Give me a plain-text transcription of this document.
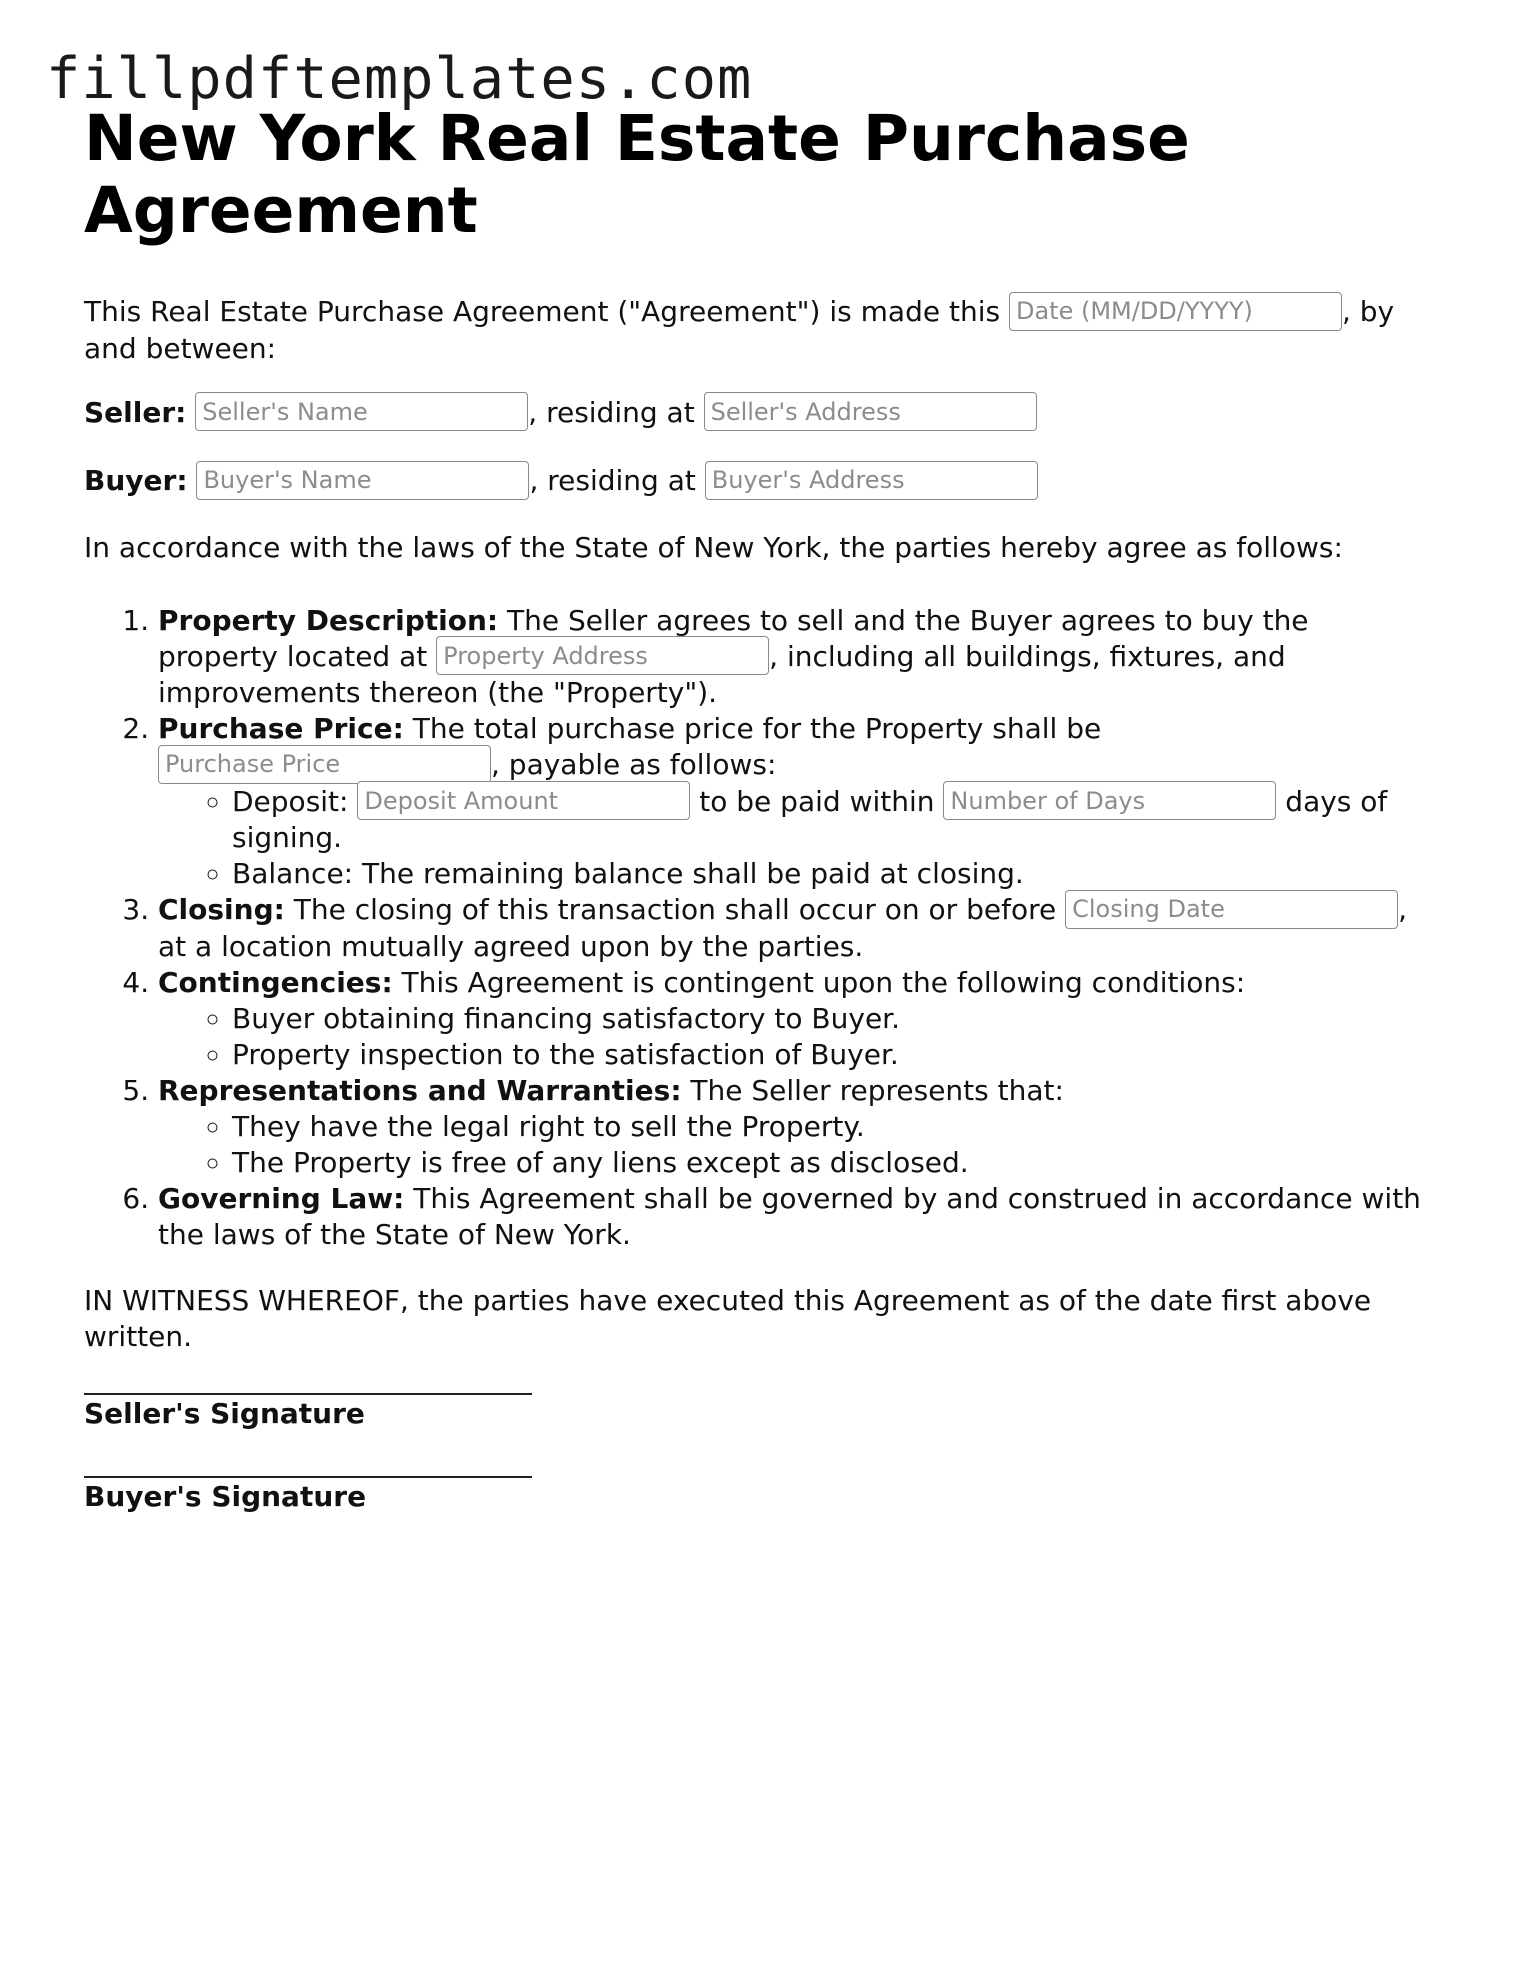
fillpdftemplates.com
New York Real Estate Purchase Agreement

This Real Estate Purchase Agreement ("Agreement") is made this Date (MM/DD/YYYY)	, by and between:

Seller: Seller's Name	, residing at Seller's Address

Buyer: Buyer's Name	, residing at Buyer's Address

In accordance with the laws of the State of New York, the parties hereby agree as follows:

1. Property Description: The Seller agrees to sell and the Buyer agrees to buy the property located at Property Address	, including all buildings, fixtures, and improvements thereon (the "Property").
2. Purchase Price: The total purchase price for the Property shall be Purchase Price, payable as follows:
◦ Deposit: Deposit Amount	to be paid within Number of Days	days of signing.
◦ Balance: The remaining balance shall be paid at closing.
3. Closing: The closing of this transaction shall occur on or before Closing Date	, at a location mutually agreed upon by the parties.
4. Contingencies: This Agreement is contingent upon the following conditions:
◦ Buyer obtaining financing satisfactory to Buyer.
◦ Property inspection to the satisfaction of Buyer.
5. Representations and Warranties: The Seller represents that:
◦ They have the legal right to sell the Property.
◦ The Property is free of any liens except as disclosed.
6. Governing Law: This Agreement shall be governed by and construed in accordance with the laws of the State of New York.

IN WITNESS WHEREOF, the parties have executed this Agreement as of the date first above written.

Seller's Signature
Buyer's Signature
